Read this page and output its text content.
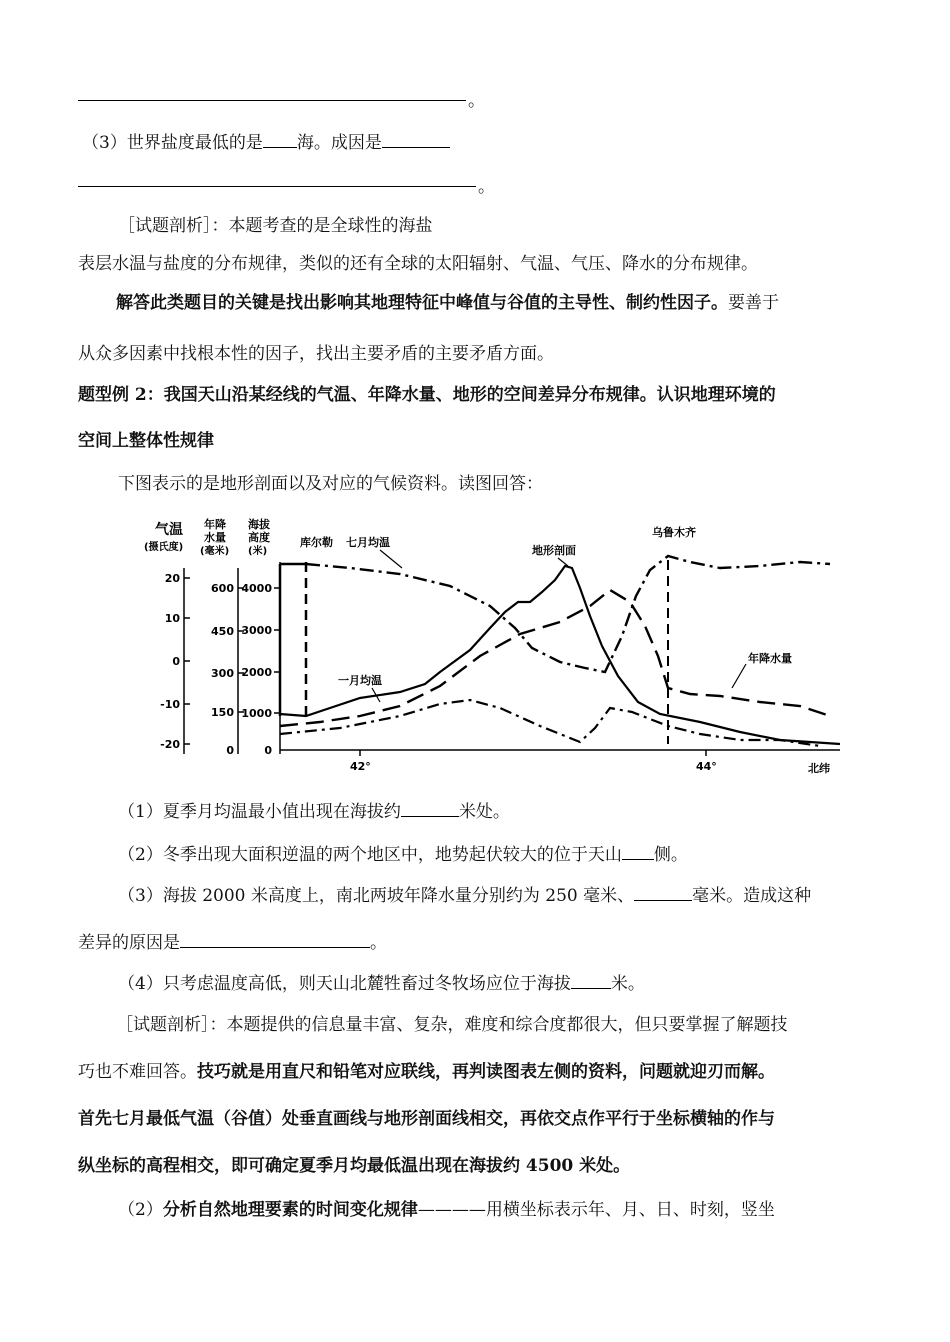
。
（3）世界盐度最低的是 海。成因是
。
［试题剖析］：本题考查的是全球性的海盐
表层水温与盐度的分布规律，类似的还有全球的太阳辐射、气温、气压、降水的分布规律。
解答此类题目的关键是找出影响其地理特征中峰值与谷值的主导性、制约性因子。要善于
从众多因素中找根本性的因子，找出主要矛盾的主要矛盾方面。
题型例 2：我国天山沿某经线的气温、年降水量、地形的空间差异分布规律。认识地理环境的
空间上整体性规律
下图表示的是地形剖面以及对应的气候资料。读图回答：
气温
(摄氏度)
年降
水量
(毫米)
海拔
高度
(米)
20
10
0
-10
-20
600
450
300
150
0
4000
3000
2000
1000
0
42°	44°	北纬
库尔勒 七月均温
地形剖面
乌鲁木齐
一月均温
年降水量
（1）夏季月均温最小值出现在海拔约	米处。
（2）冬季出现大面积逆温的两个地区中，地势起伏较大的位于天山 侧。
（3）海拔 2000 米高度上，南北两坡年降水量分别约为 250 毫米、	毫米。造成这种
差异的原因是	。
（4）只考虑温度高低，则天山北麓牲畜过冬牧场应位于海拔 米。
［试题剖析］：本题提供的信息量丰富、复杂，难度和综合度都很大，但只要掌握了解题技
巧也不难回答。技巧就是用直尺和铅笔对应联线，再判读图表左侧的资料，问题就迎刃而解。
首先七月最低气温（谷值）处垂直画线与地形剖面线相交，再依交点作平行于坐标横轴的作与
纵坐标的高程相交，即可确定夏季月均最低温出现在海拔约 4500 米处。
（2）分析自然地理要素的时间变化规律————用横坐标表示年、月、日、时刻，竖坐
